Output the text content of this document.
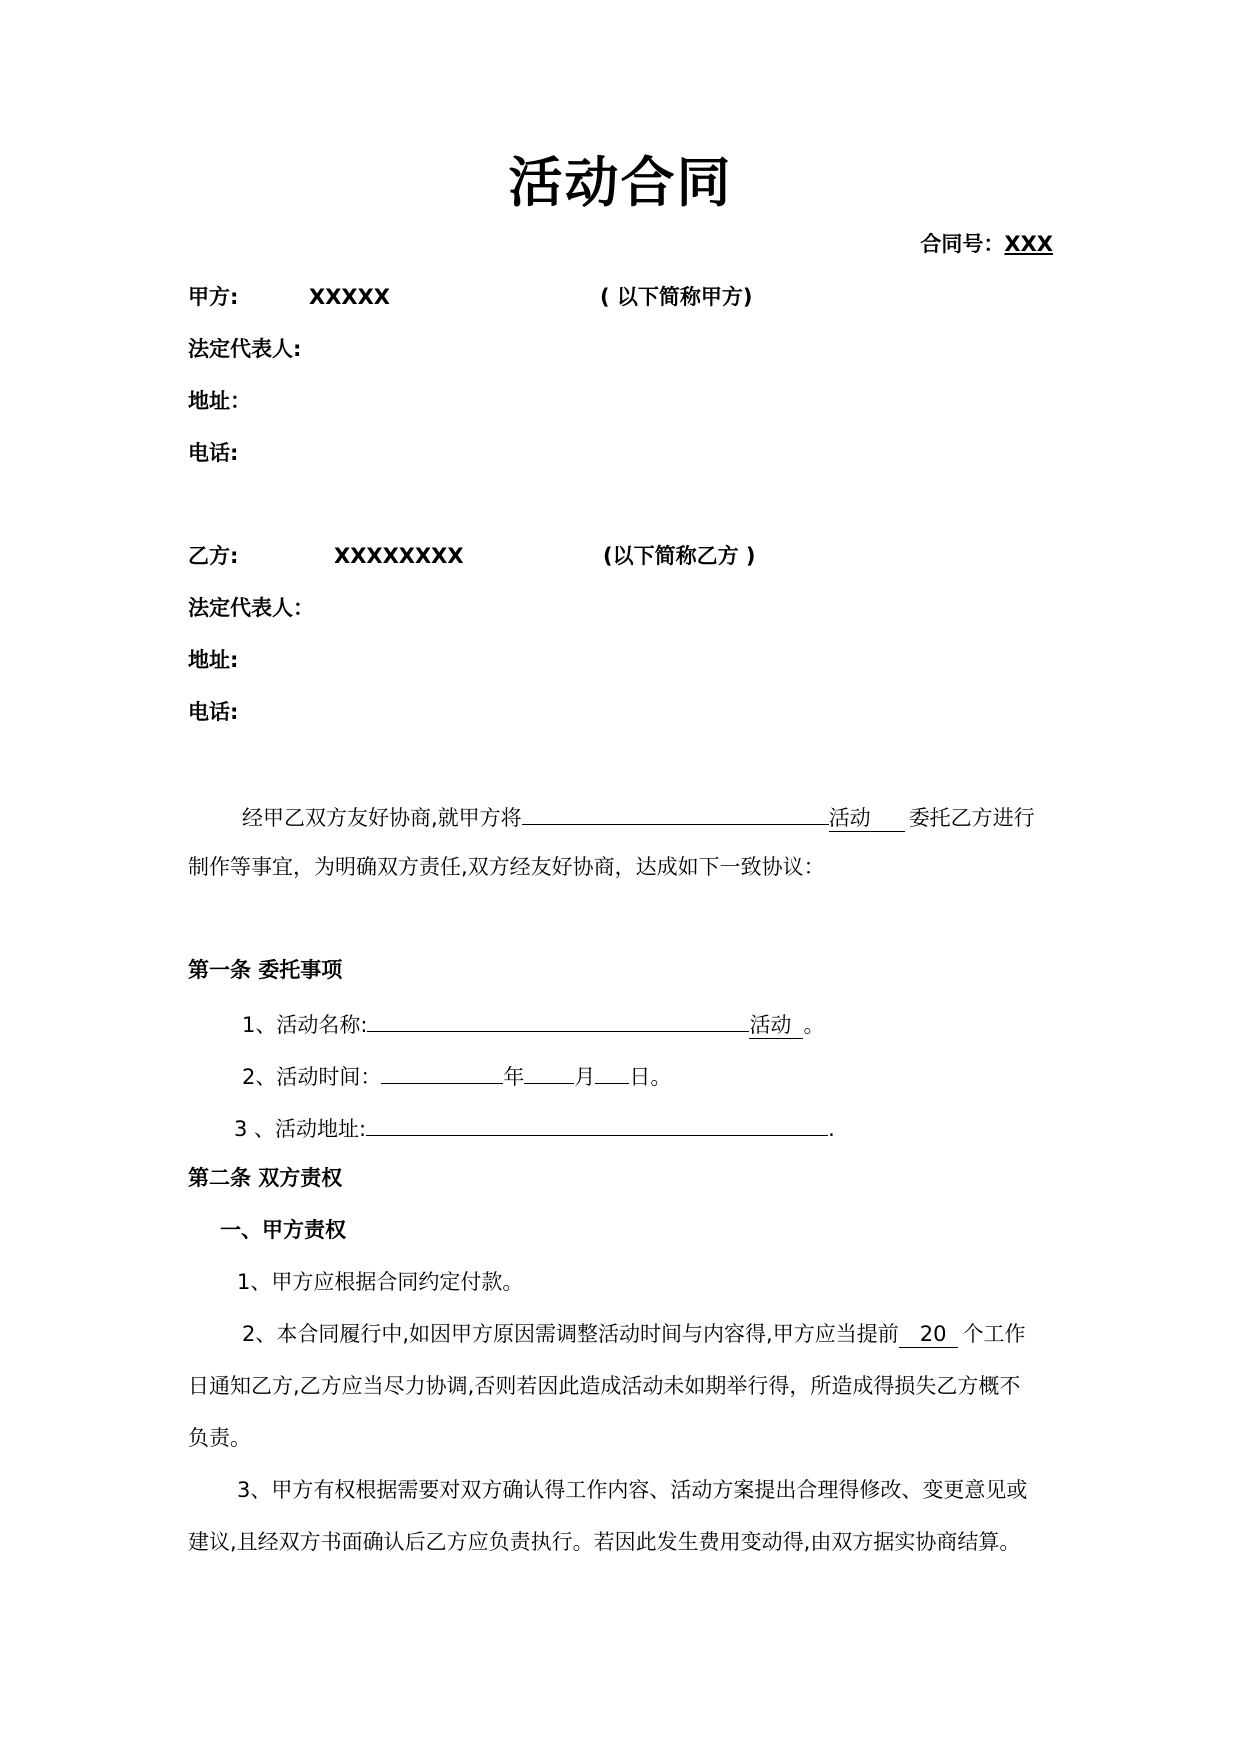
活动合同
合同号：XXX
甲方:	XXXXX	( 以下简称甲方)
法定代表人:
地址：
电话:
乙方:	XXXXXXXX	(以下简称乙方 )
法定代表人：
地址:
电话:
经甲乙双方友好协商,就甲方将	活动 委托乙方进行
制作等事宜，为明确双方责任,双方经友好协商，达成如下一致协议：
第一条 委托事项
1、活动名称:	活动 。
2、活动时间：	年 月 日。
3 、活动地址:	.
第二条 双方责权
一、甲方责权
1、甲方应根据合同约定付款。
2、本合同履行中,如因甲方原因需调整活动时间与内容得,甲方应当提前 20 个工作
日通知乙方,乙方应当尽力协调,否则若因此造成活动未如期举行得，所造成得损失乙方概不
负责。
3、甲方有权根据需要对双方确认得工作内容、活动方案提出合理得修改、变更意见或
建议,且经双方书面确认后乙方应负责执行。若因此发生费用变动得,由双方据实协商结算。
